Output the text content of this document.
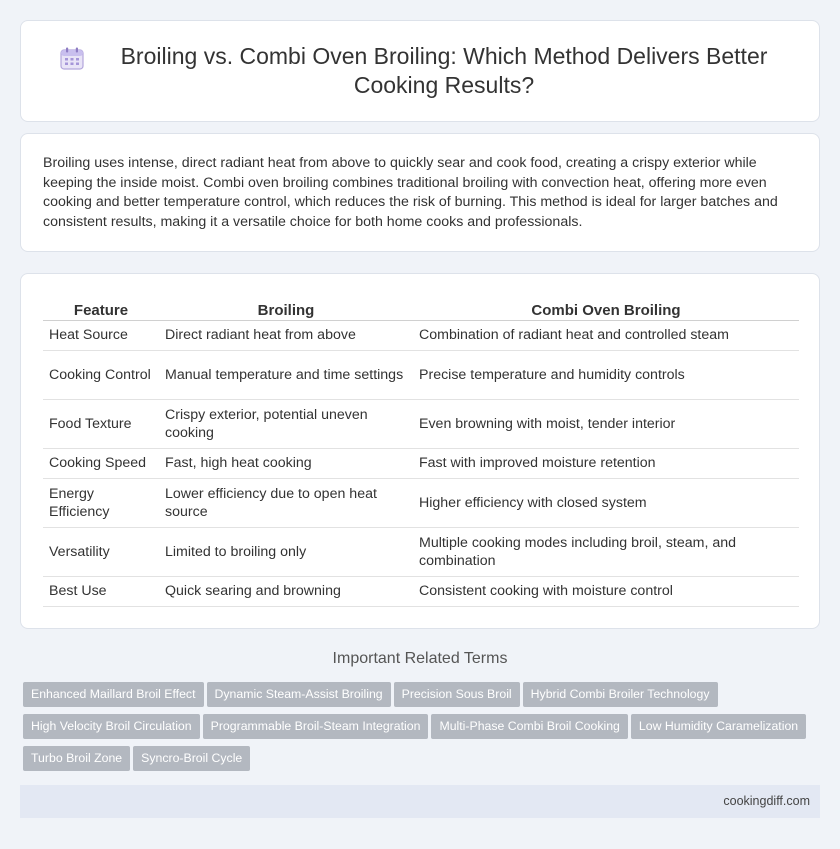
Broiling vs. Combi Oven Broiling: Which Method Delivers Better Cooking Results?

Broiling uses intense, direct radiant heat from above to quickly sear and cook food, creating a crispy exterior while keeping the inside moist. Combi oven broiling combines traditional broiling with convection heat, offering more even cooking and better temperature control, which reduces the risk of burning. This method is ideal for larger batches and consistent results, making it a versatile choice for both home cooks and professionals.

Feature	Broiling	Combi Oven Broiling
Heat Source	Direct radiant heat from above	Combination of radiant heat and controlled steam
Cooking Control	Manual temperature and time settings	Precise temperature and humidity controls
Food Texture	Crispy exterior, potential uneven cooking	Even browning with moist, tender interior
Cooking Speed	Fast, high heat cooking	Fast with improved moisture retention
Energy Efficiency	Lower efficiency due to open heat source	Higher efficiency with closed system
Versatility	Limited to broiling only	Multiple cooking modes including broil, steam, and combination
Best Use	Quick searing and browning	Consistent cooking with moisture control
Important Related Terms
Enhanced Maillard Broil Effect Dynamic Steam-Assist Broiling Precision Sous Broil Hybrid Combi Broiler Technology
High Velocity Broil Circulation Programmable Broil-Steam Integration Multi-Phase Combi Broil Cooking Low Humidity Caramelization
Turbo Broil Zone Syncro-Broil Cycle
cookingdiff.com
